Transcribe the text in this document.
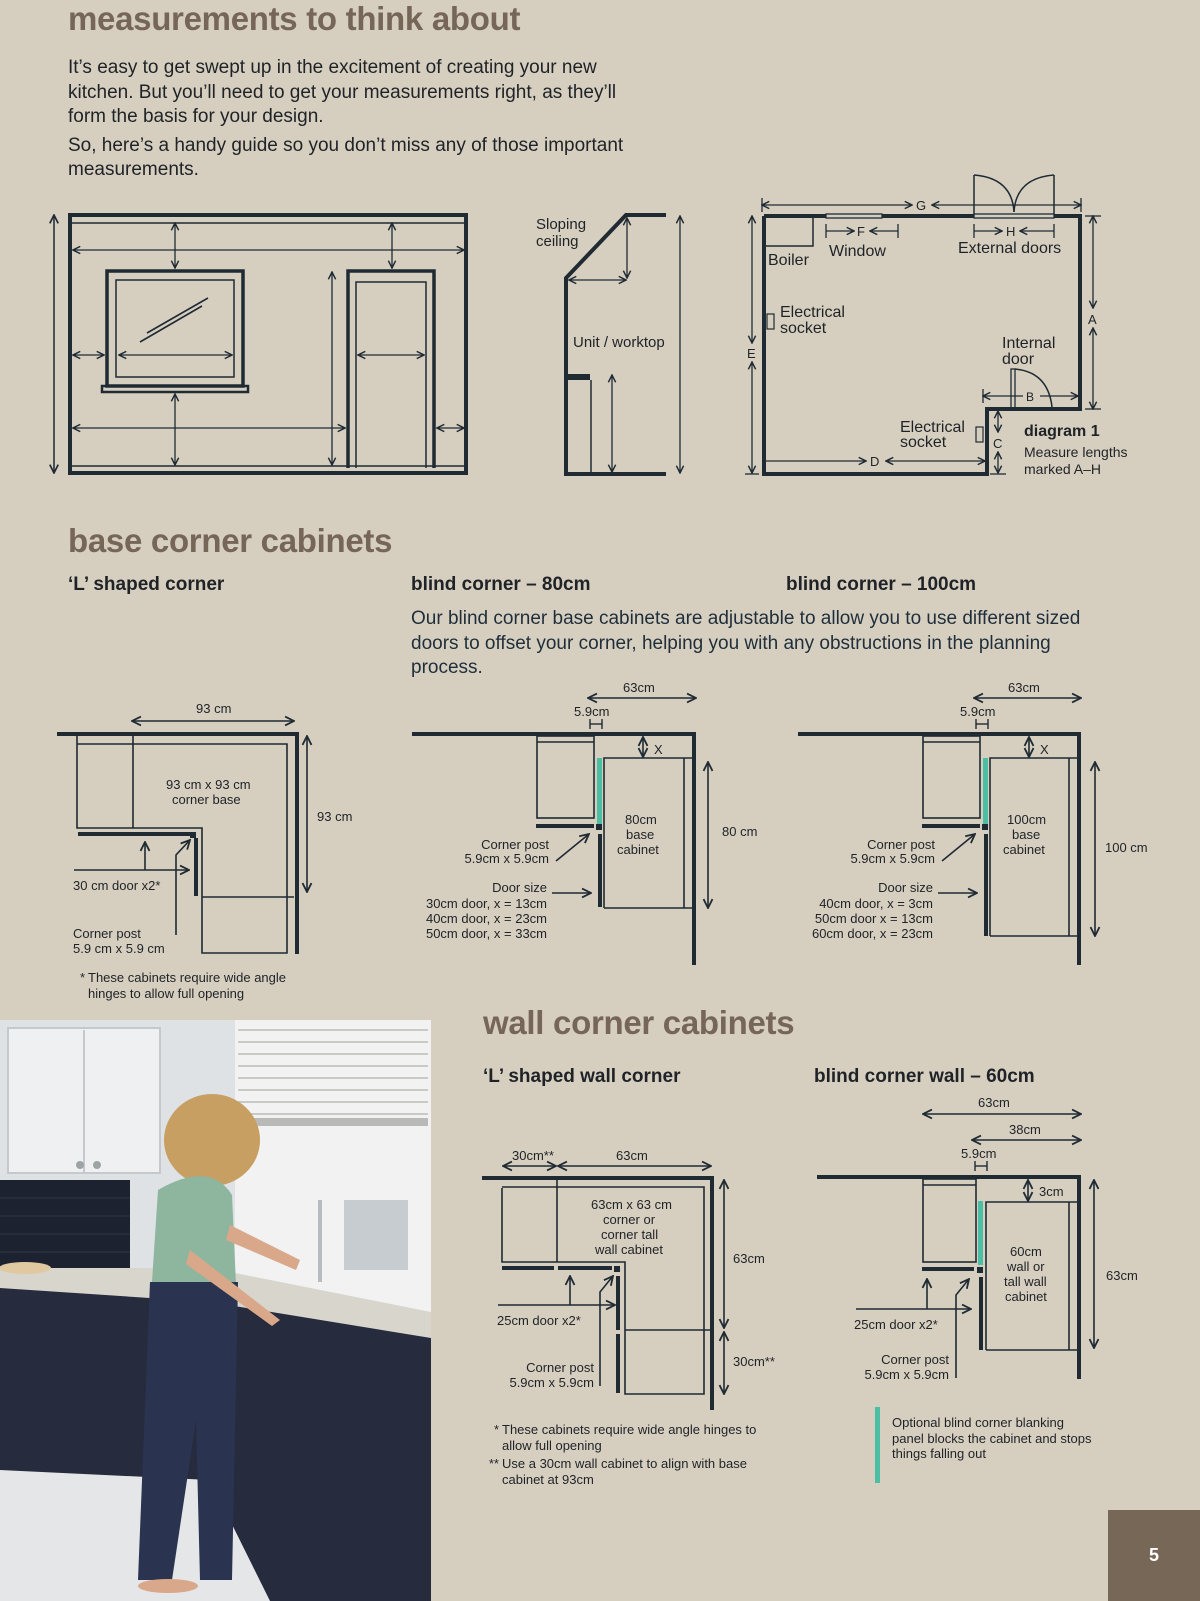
measurements to think about

It’s easy to get swept up in the excitement of creating your new kitchen. But you’ll need to get your measurements right, as they’ll form the basis for your design.

So, here’s a handy guide so you don’t miss any of those important measurements.

Sloping
ceiling
Unit / worktop
G
F	H
E
A
B
C
D
Boiler
Window	External doors
Electrical
socket
Internal
door
Electrical
socket
diagram 1
Measure lengths
marked A–H
base corner cabinets
‘L’ shaped corner	blind corner – 80cm	blind corner – 100cm
Our blind corner base cabinets are adjustable to allow you to use different sized doors to offset your corner, helping you with any obstructions in the planning process.
93 cm
93 cm
93 cm x 93 cm
corner base
30 cm door x2*
Corner post
5.9 cm x 5.9 cm
* These cabinets require wide angle hinges to allow full opening
63cm
5.9cm
X
80cm
base
cabinet
80 cm
Corner post
5.9cm x 5.9cm
Door size
30cm door, x = 13cm
40cm door, x = 23cm
50cm door, x = 33cm
63cm
5.9cm
X
100cm
base
cabinet	100 cm
Corner post
5.9cm x 5.9cm
Door size
40cm door, x = 3cm
50cm door x = 13cm
60cm door, x = 23cm
wall corner cabinets
‘L’ shaped wall corner	blind corner wall – 60cm
30cm**	63cm
63cm x 63 cm
corner or
corner tall
wall cabinet
63cm
30cm**
25cm door x2*
Corner post
5.9cm x 5.9cm
* These cabinets require wide angle hinges to allow full opening
** Use a 30cm wall cabinet to align with base cabinet at 93cm
63cm
38cm
5.9cm
3cm
60cm
wall or
tall wall
cabinet
63cm
25cm door x2*
Corner post
5.9cm x 5.9cm
Optional blind corner blanking panel blocks the cabinet and stops things falling out
5
